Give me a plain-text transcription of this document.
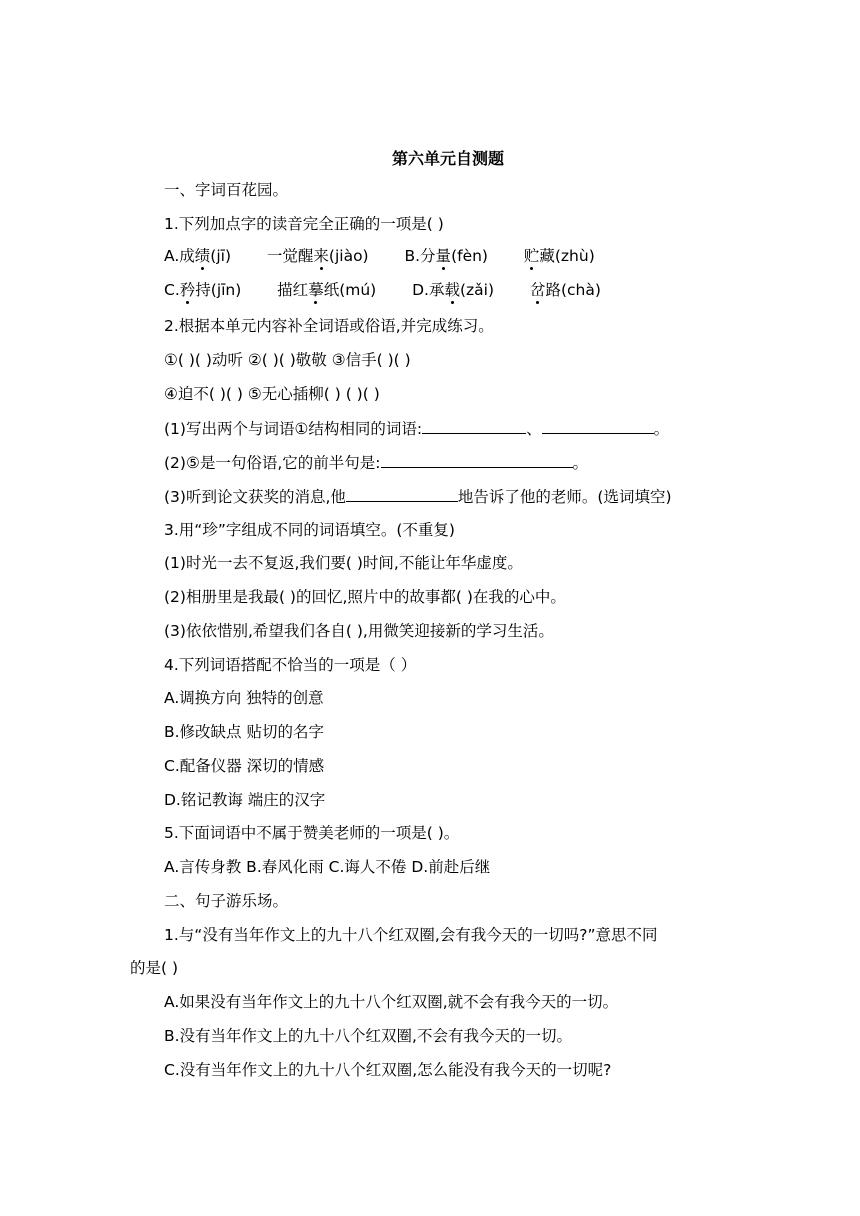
第六单元自测题
一、字词百花园。
1.下列加点字的读音完全正确的一项是( )
A.成绩(jī) 一觉醒来(jiào) B.分量(fèn) 贮藏(zhù)
C.矜持(jīn) 描红摹纸(mú) D.承载(zǎi) 岔路(chà)
2.根据本单元内容补全词语或俗语,并完成练习。
①( )( )动听 ②( )( )敬敬 ③信手( )( )
④迫不( )( ) ⑤无心插柳( ) ( )( )
(1)写出两个与词语①结构相同的词语:	、	。
(2)⑤是一句俗语,它的前半句是:	。
(3)听到论文获奖的消息,他	地告诉了他的老师。(选词填空)
3.用“珍”字组成不同的词语填空。(不重复)
(1)时光一去不复返,我们要( )时间,不能让年华虚度。
(2)相册里是我最( )的回忆,照片中的故事都( )在我的心中。
(3)依依惜别,希望我们各自( ),用微笑迎接新的学习生活。
4.下列词语搭配不恰当的一项是（ ）
A.调换方向 独特的创意
B.修改缺点 贴切的名字
C.配备仪器 深切的情感
D.铭记教诲 端庄的汉字
5.下面词语中不属于赞美老师的一项是( )。
A.言传身教 B.春风化雨 C.诲人不倦 D.前赴后继
二、句子游乐场。
1.与“没有当年作文上的九十八个红双圈,会有我今天的一切吗?”意思不同
的是( )
A.如果没有当年作文上的九十八个红双圈,就不会有我今天的一切。
B.没有当年作文上的九十八个红双圈,不会有我今天的一切。
C.没有当年作文上的九十八个红双圈,怎么能没有我今天的一切呢?
